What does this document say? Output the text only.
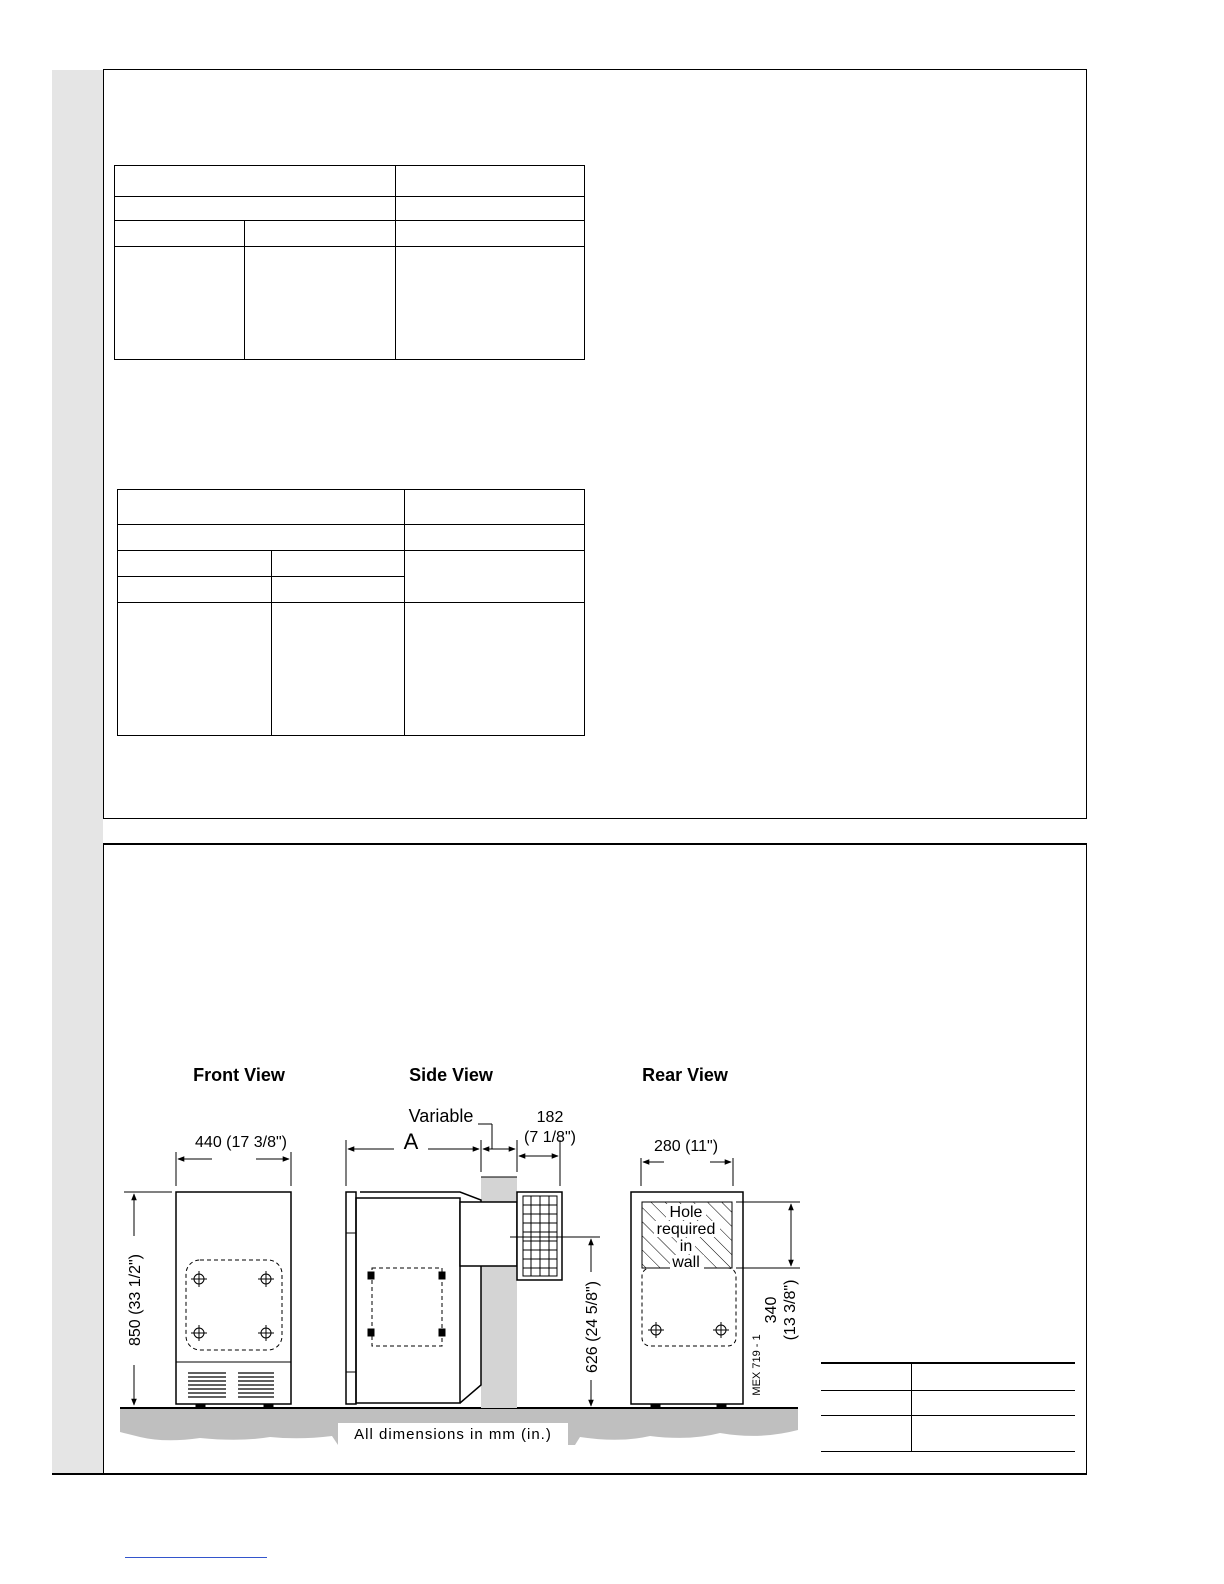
Front View	Side View	Rear View
All dimensions in mm (in.)
440 (17 3/8")
850 (33 1/2")
Variable
A
182
(7 1/8")
626 (24 5/8")
Hole
required
in
wall
280 (11")
340 (13 3/8")
MEX 719 - 1
